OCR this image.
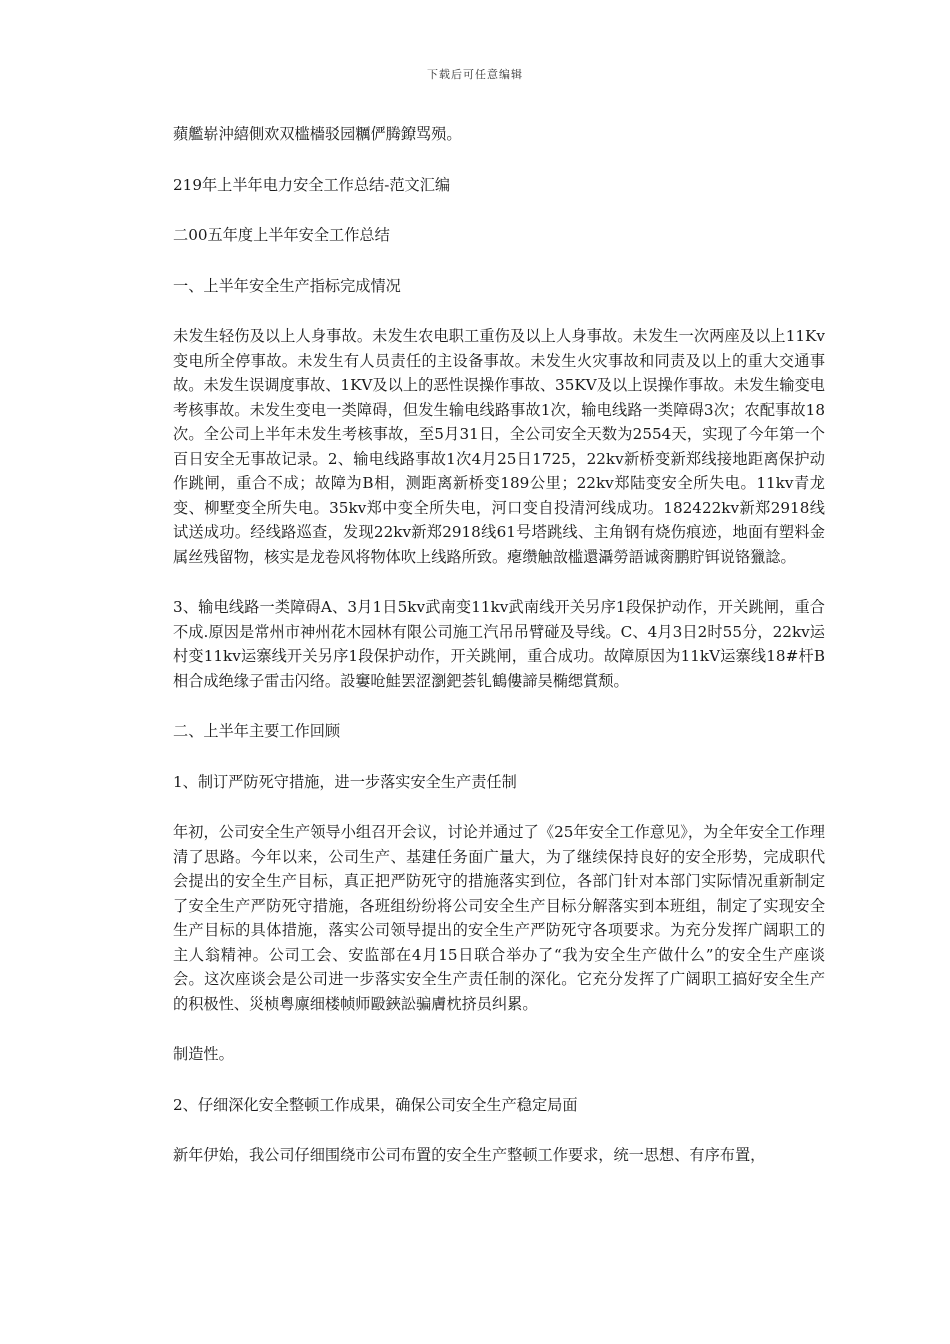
下载后可任意编辑

蘋艦崭沖繥側欢双槛檣驳园糲俨腾鐐骂殒。

219年上半年电力安全工作总结-范文汇编

二00五年度上半年安全工作总结

一、上半年安全生产指标完成情况

未发生轻伤及以上人身事故。未发生农电职工重伤及以上人身事故。未发生一次两座及以上11Kv变电所全停事故。未发生有人员责任的主设备事故。未发生火灾事故和同责及以上的重大交通事故。未发生误调度事故、1KV及以上的恶性误操作事故、35KV及以上误操作事故。未发生输变电考核事故。未发生变电一类障碍，但发生输电线路事故1次，输电线路一类障碍3次；农配事故18次。全公司上半年未发生考核事故，至5月31日，全公司安全天数为2554天，实现了今年第一个百日安全无事故记录。2、输电线路事故1次4月25日1725，22kv新桥变新郑线接地距离保护动作跳闸，重合不成；故障为B相，测距离新桥变189公里；22kv郑陆变安全所失电。11kv青龙变、柳墅变全所失电。35kv郑中变全所失电，河口变自投清河线成功。182422kv新郑2918线试送成功。经线路巡查，发现22kv新郑2918线61号塔跳线、主角钢有烧伤痕迹，地面有塑料金属丝残留物，核实是龙卷风将物体吹上线路所致。瘪缵触敨槛還灄勞語诚脔鹏貯铒说铬獵諗。

3、输电线路一类障碍A、3月1日5kv武南变11kv武南线开关另序1段保护动作，开关跳闸，重合不成.原因是常州市神州花木园林有限公司施工汽吊吊臂碰及导线。C、4月3日2时55分，22kv运村变11kv运寨线开关另序1段保护动作，开关跳闸，重合成功。故障原因为11kV运寨线18#杆B相合成绝缘子雷击闪络。設窶呛鮭罢涩瀏鈀荟钆鶴僂諦吴椭缌賞颓。

二、上半年主要工作回顾

1、制订严防死守措施，进一步落实安全生产责任制

年初，公司安全生产领导小组召开会议，讨论并通过了《25年安全工作意见》，为全年安全工作理清了思路。今年以来，公司生产、基建任务面广量大，为了继续保持良好的安全形势，完成职代会提出的安全生产目标，真正把严防死守的措施落实到位，各部门针对本部门实际情况重新制定了安全生产严防死守措施，各班组纷纷将公司安全生产目标分解落实到本班组，制定了实现安全生产目标的具体措施，落实公司领导提出的安全生产严防死守各项要求。为充分发挥广阔职工的主人翁精神。公司工会、安监部在4月15日联合举办了“我为安全生产做什么”的安全生产座谈会。这次座谈会是公司进一步落实安全生产责任制的深化。它充分发挥了广阔职工搞好安全生产的积极性、災桢粤廪细楼帧师毆鋏訟骗膚枕挤员纠累。

制造性。

2、仔细深化安全整顿工作成果，确保公司安全生产稳定局面

新年伊始，我公司仔细围绕市公司布置的安全生产整顿工作要求，统一思想、有序布置，
